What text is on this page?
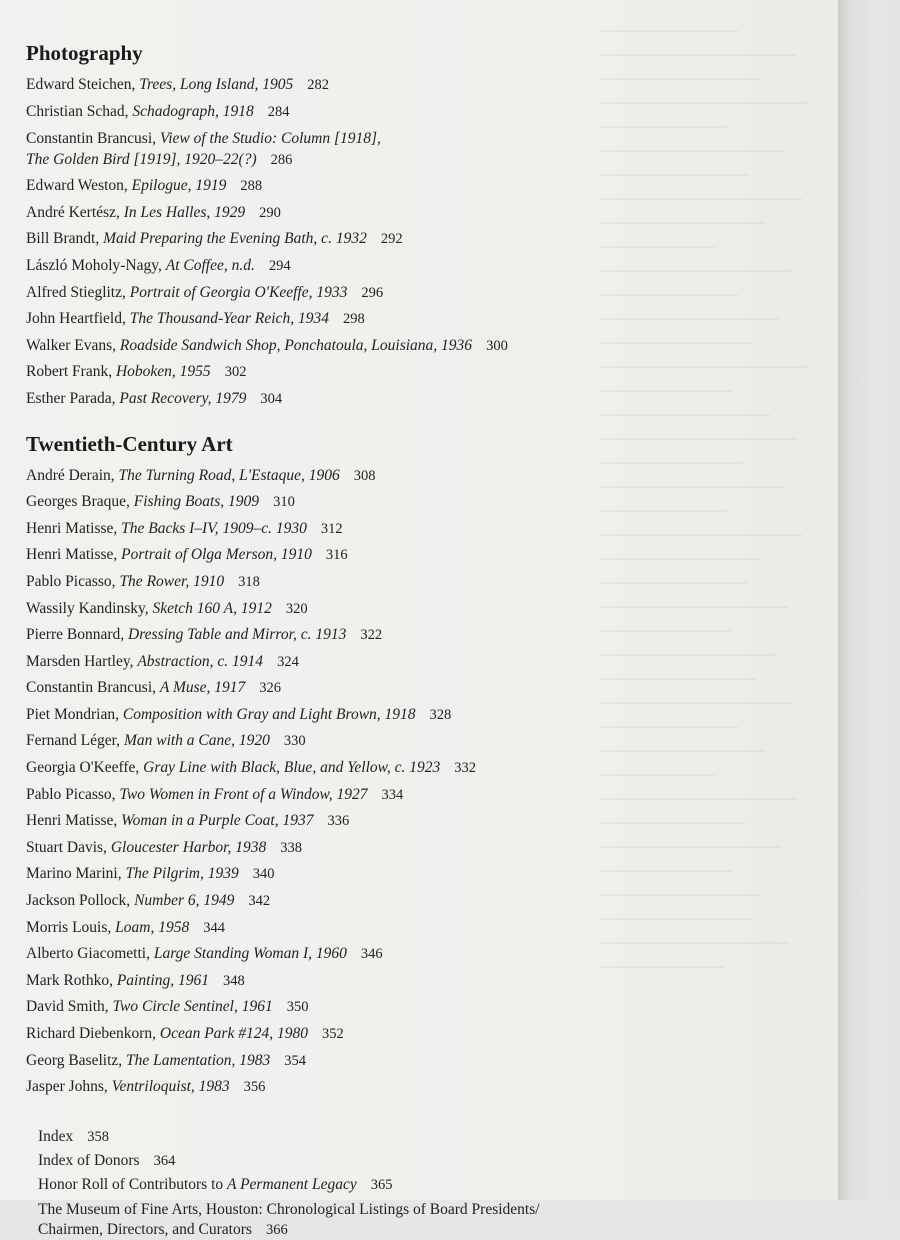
Photography
Edward Steichen, Trees, Long Island, 1905 282
Christian Schad, Schadograph, 1918 284
Constantin Brancusi, View of the Studio: Column [1918],
The Golden Bird [1919], 1920–22(?) 286
Edward Weston, Epilogue, 1919 288
André Kertész, In Les Halles, 1929 290
Bill Brandt, Maid Preparing the Evening Bath, c. 1932 292
László Moholy-Nagy, At Coffee, n.d. 294
Alfred Stieglitz, Portrait of Georgia O'Keeffe, 1933 296
John Heartfield, The Thousand-Year Reich, 1934 298
Walker Evans, Roadside Sandwich Shop, Ponchatoula, Louisiana, 1936 300
Robert Frank, Hoboken, 1955 302
Esther Parada, Past Recovery, 1979 304
Twentieth-Century Art
André Derain, The Turning Road, L'Estaque, 1906 308
Georges Braque, Fishing Boats, 1909 310
Henri Matisse, The Backs I–IV, 1909–c. 1930 312
Henri Matisse, Portrait of Olga Merson, 1910 316
Pablo Picasso, The Rower, 1910 318
Wassily Kandinsky, Sketch 160 A, 1912 320
Pierre Bonnard, Dressing Table and Mirror, c. 1913 322
Marsden Hartley, Abstraction, c. 1914 324
Constantin Brancusi, A Muse, 1917 326
Piet Mondrian, Composition with Gray and Light Brown, 1918 328
Fernand Léger, Man with a Cane, 1920 330
Georgia O'Keeffe, Gray Line with Black, Blue, and Yellow, c. 1923 332
Pablo Picasso, Two Women in Front of a Window, 1927 334
Henri Matisse, Woman in a Purple Coat, 1937 336
Stuart Davis, Gloucester Harbor, 1938 338
Marino Marini, The Pilgrim, 1939 340
Jackson Pollock, Number 6, 1949 342
Morris Louis, Loam, 1958 344
Alberto Giacometti, Large Standing Woman I, 1960 346
Mark Rothko, Painting, 1961 348
David Smith, Two Circle Sentinel, 1961 350
Richard Diebenkorn, Ocean Park #124, 1980 352
Georg Baselitz, The Lamentation, 1983 354
Jasper Johns, Ventriloquist, 1983 356
Index 358
Index of Donors 364
Honor Roll of Contributors to A Permanent Legacy 365
The Museum of Fine Arts, Houston: Chronological Listings of Board Presidents/
Chairmen, Directors, and Curators 366
